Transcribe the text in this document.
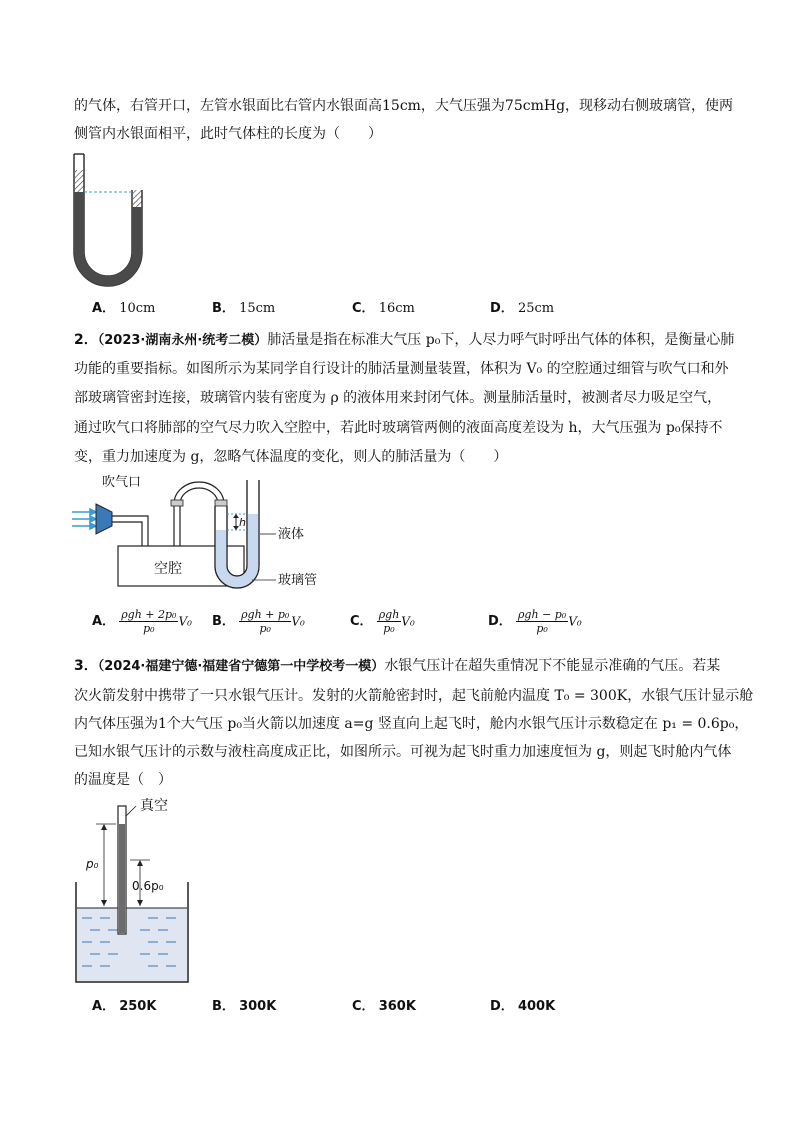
的气体，右管开口，左管水银面比右管内水银面高15cm，大气压强为75cmHg，现移动右侧玻璃管，使两
侧管内水银面相平，此时气体柱的长度为（　　）
A． 10cm	B． 15cm	C． 16cm	D． 25cm
2．（2023·湖南永州·统考二模）肺活量是指在标准大气压 p₀下，人尽力呼气时呼出气体的体积，是衡量心肺
功能的重要指标。如图所示为某同学自行设计的肺活量测量装置，体积为 V₀ 的空腔通过细管与吹气口和外
部玻璃管密封连接，玻璃管内装有密度为 ρ 的液体用来封闭气体。测量肺活量时，被测者尽力吸足空气，
通过吹气口将肺部的空气尽力吹入空腔中，若此时玻璃管两侧的液面高度差设为 h，大气压强为 p₀保持不
变，重力加速度为 g，忽略气体温度的变化，则人的肺活量为（　　）
吹气口
空腔
h
液体
玻璃管
A． $\frac{\text{ρgh + 2p₀}}{\text{p₀}} V_0$ B． $\frac{\text{ρgh + p₀}}{\text{p₀}} V_0$	C． $\frac{\text{ρgh}}{\text{p₀}} V_0$	D． $\frac{\text{ρgh − p₀}}{\text{p₀}} V_0$
3．（2024·福建宁德·福建省宁德第一中学校考一模）水银气压计在超失重情况下不能显示准确的气压。若某
次火箭发射中携带了一只水银气压计。发射的火箭舱密封时，起飞前舱内温度 T₀ = 300K，水银气压计显示舱
内气体压强为1个大气压 p₀当火箭以加速度 a=g 竖直向上起飞时，舱内水银气压计示数稳定在 p₁ = 0.6p₀，
已知水银气压计的示数与液柱高度成正比，如图所示。可视为起飞时重力加速度恒为 g，则起飞时舱内气体
的温度是（　）
真空
p₀
0.6p₀
A． 250K	B． 300K	C． 360K	D． 400K
